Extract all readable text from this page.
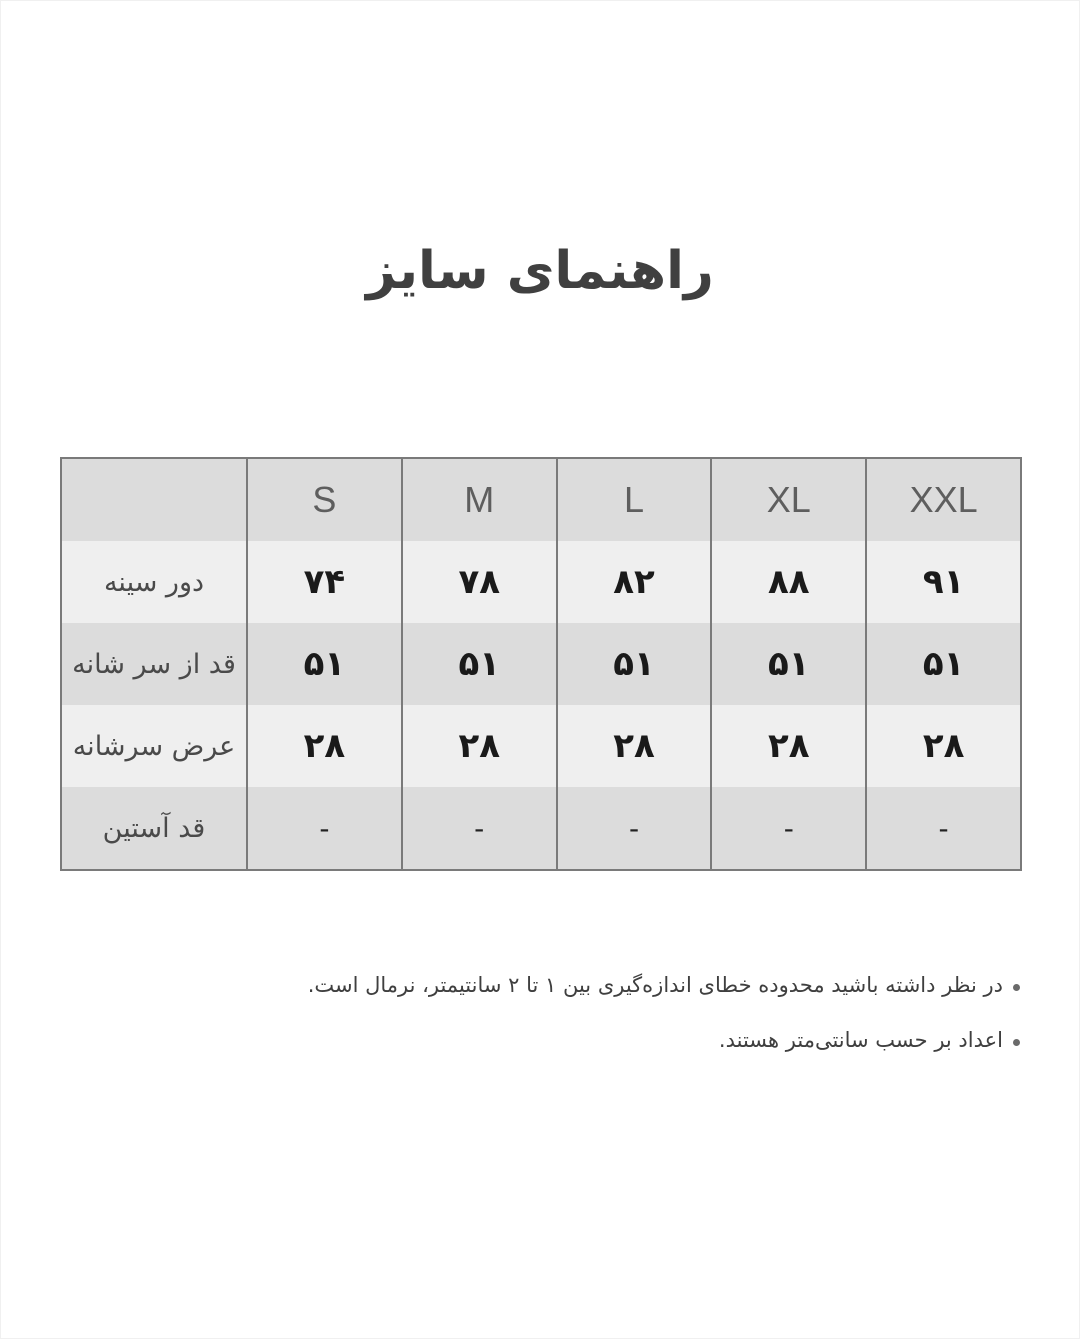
راهنمای سایز
	S	M	L	XL	XXL
دور سینه	۷۴	۷۸	۸۲	۸۸	۹۱
قد از سر شانه	۵۱	۵۱	۵۱	۵۱	۵۱
عرض سرشانه	۲۸	۲۸	۲۸	۲۸	۲۸
قد آستین	-	-	-	-	-
در نظر داشته باشید محدوده خطای اندازه‌گیری بین ۱ تا ۲ سانتیمتر، نرمال است.
اعداد بر حسب سانتی‌متر هستند.
